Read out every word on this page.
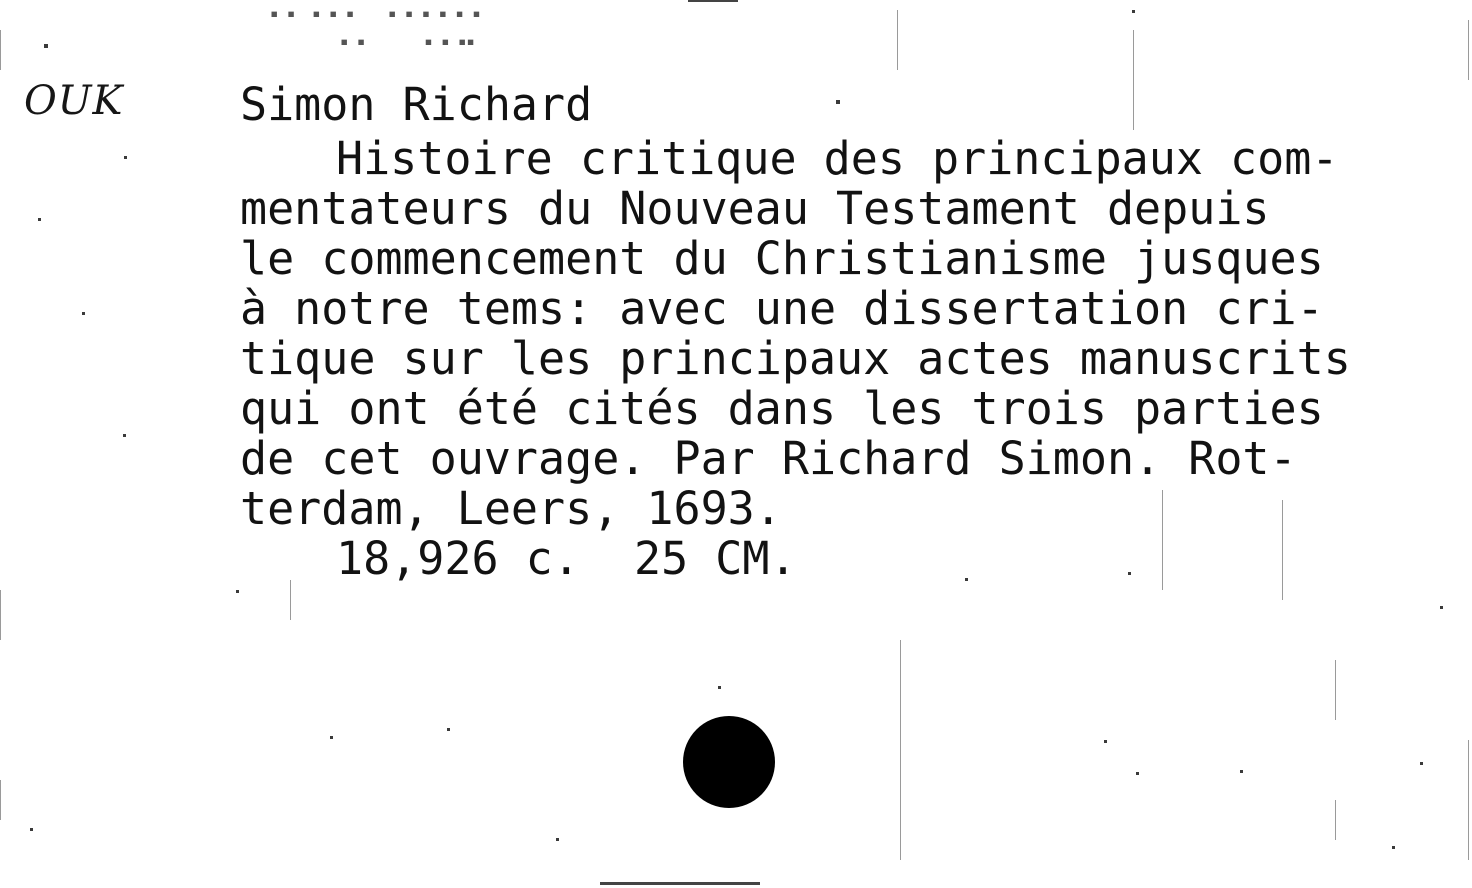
OUK	Simon Richard
Histoire critique des principaux com-
mentateurs du Nouveau Testament depuis
le commencement du Christianisme jusques
à notre tems: avec une dissertation cri-
tique sur les principaux actes manuscrits
qui ont été cités dans les trois parties
de cet ouvrage. Par Richard Simon. Rot-
terdam, Leers, 1693.
18,926 c.  25 CM.
▪ ▪  ▪ ▪ ▪    ▪ ▪ ▪ ▪ ▪ ▪
▪ ▪       ▪ ▪ ▪▪
